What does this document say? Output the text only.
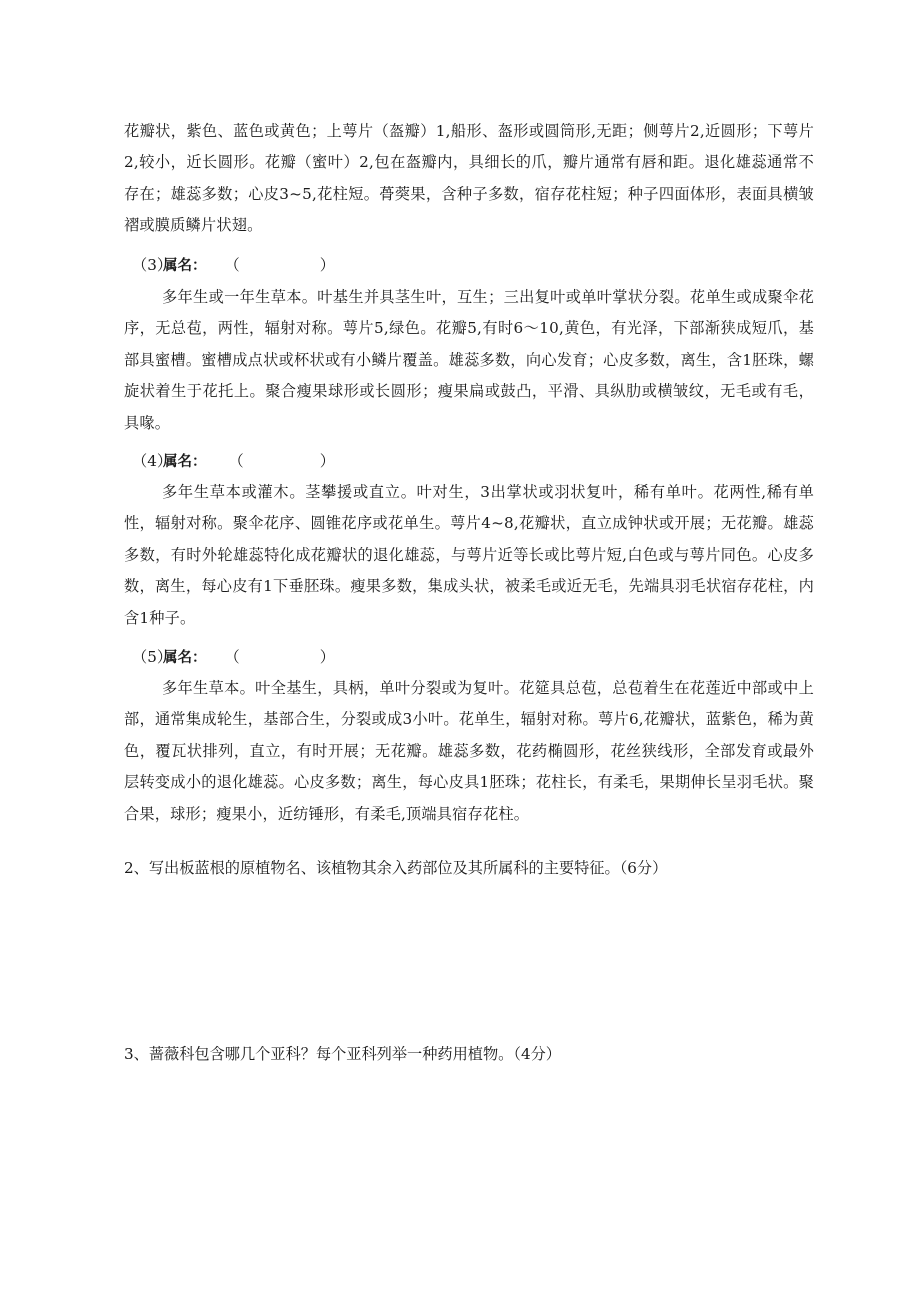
花瓣状，紫色、蓝色或黄色；上萼片（盔瓣）1,船形、盔形或圆筒形,无距；侧萼片2,近圆形；下萼片2,较小，近长圆形。花瓣（蜜叶）2,包在盔瓣内，具细长的爪，瓣片通常有唇和距。退化雄蕊通常不存在；雄蕊多数；心皮3~5,花柱短。蓇葖果，含种子多数，宿存花柱短；种子四面体形，表面具横皱褶或膜质鳞片状翅。

（3）属名： （	）

多年生或一年生草本。叶基生并具茎生叶，互生；三出复叶或单叶掌状分裂。花单生或成聚伞花序，无总苞，两性，辐射对称。萼片5,绿色。花瓣5,有时6～10,黄色，有光泽，下部渐狭成短爪，基部具蜜槽。蜜槽成点状或杯状或有小鳞片覆盖。雄蕊多数，向心发育；心皮多数，离生，含1胚珠，螺旋状着生于花托上。聚合瘦果球形或长圆形；瘦果扁或鼓凸，平滑、具纵肋或横皱纹，无毛或有毛，具喙。

（4）属名： （	）

多年生草本或灌木。茎攀援或直立。叶对生，3出掌状或羽状复叶，稀有单叶。花两性,稀有单性，辐射对称。聚伞花序、圆锥花序或花单生。萼片4~8,花瓣状，直立成钟状或开展；无花瓣。雄蕊多数，有时外轮雄蕊特化成花瓣状的退化雄蕊，与萼片近等长或比萼片短,白色或与萼片同色。心皮多数，离生，每心皮有1下垂胚珠。瘦果多数，集成头状，被柔毛或近无毛，先端具羽毛状宿存花柱，内含1种子。

（5）属名： （	）

多年生草本。叶全基生，具柄，单叶分裂或为复叶。花筵具总苞，总苞着生在花莲近中部或中上部，通常集成轮生，基部合生，分裂或成3小叶。花单生，辐射对称。萼片6,花瓣状，蓝紫色，稀为黄色，覆瓦状排列，直立，有时开展；无花瓣。雄蕊多数，花药椭圆形，花丝狭线形，全部发育或最外层转变成小的退化雄蕊。心皮多数；离生，每心皮具1胚珠；花柱长，有柔毛，果期伸长呈羽毛状。聚合果，球形；瘦果小，近纺锤形，有柔毛,顶端具宿存花柱。

2、写出板蓝根的原植物名、该植物其余入药部位及其所属科的主要特征。（6分）

3、蔷薇科包含哪几个亚科？每个亚科列举一种药用植物。（4分）
